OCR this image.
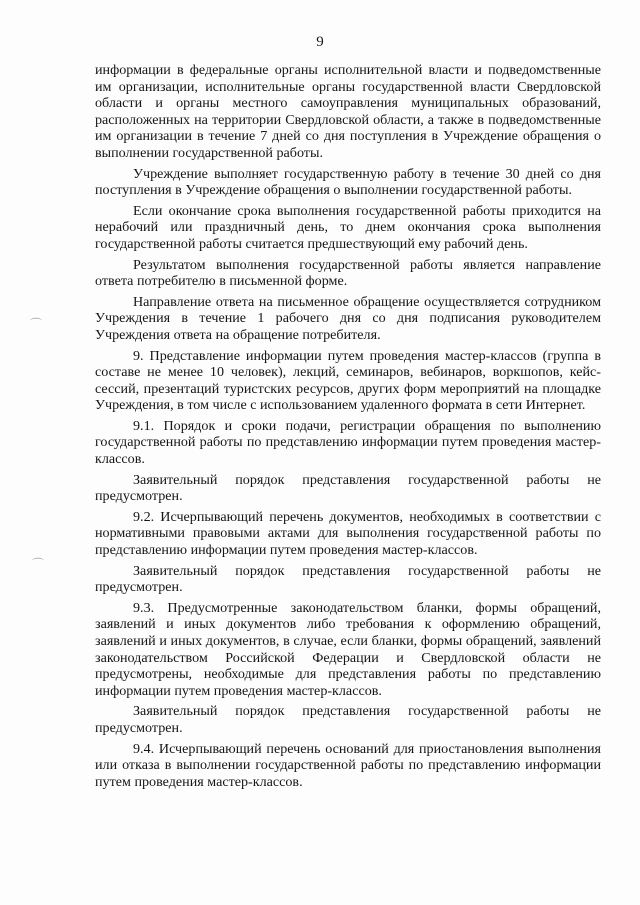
9
⌒
⌒

информации в федеральные органы исполнительной власти и подведомственные им организации, исполнительные органы государственной власти Свердловской области и органы местного самоуправления муниципальных образований, расположенных на территории Свердловской области, а также в подведомственные им организации в течение 7 дней со дня поступления в Учреждение обращения о выполнении государственной работы.

Учреждение выполняет государственную работу в течение 30 дней со дня поступления в Учреждение обращения о выполнении государственной работы.

Если окончание срока выполнения государственной работы приходится на нерабочий или праздничный день, то днем окончания срока выполнения государственной работы считается предшествующий ему рабочий день.

Результатом выполнения государственной работы является направление ответа потребителю в письменной форме.

Направление ответа на письменное обращение осуществляется сотрудником Учреждения в течение 1 рабочего дня со дня подписания руководителем Учреждения ответа на обращение потребителя.

9. Представление информации путем проведения мастер-классов (группа в составе не менее 10 человек), лекций, семинаров, вебинаров, воркшопов, кейс-сессий, презентаций туристских ресурсов, других форм мероприятий на площадке Учреждения, в том числе с использованием удаленного формата в сети Интернет.

9.1. Порядок и сроки подачи, регистрации обращения по выполнению государственной работы по представлению информации путем проведения мастер-классов.

Заявительный порядок представления государственной работы не предусмотрен.

9.2. Исчерпывающий перечень документов, необходимых в соответствии с нормативными правовыми актами для выполнения государственной работы по представлению информации путем проведения мастер-классов.

Заявительный порядок представления государственной работы не предусмотрен.

9.3. Предусмотренные законодательством бланки, формы обращений, заявлений и иных документов либо требования к оформлению обращений, заявлений и иных документов, в случае, если бланки, формы обращений, заявлений законодательством Российской Федерации и Свердловской области не предусмотрены, необходимые для представления работы по представлению информации путем проведения мастер-классов.

Заявительный порядок представления государственной работы не предусмотрен.

9.4. Исчерпывающий перечень оснований для приостановления выполнения или отказа в выполнении государственной работы по представлению информации путем проведения мастер-классов.
